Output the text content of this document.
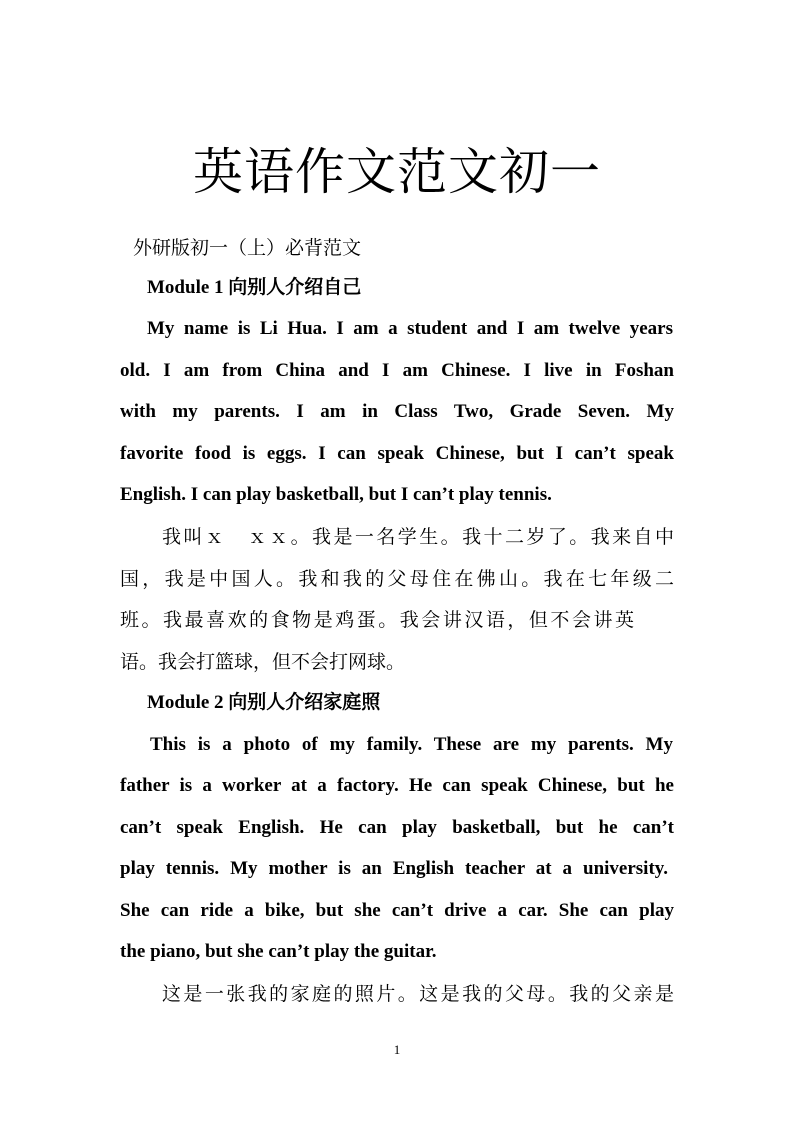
英语作文范文初一

外研版初一（上）必背范文

Module 1 向别人介绍自己

My name is Li Hua. I am a student and I am twelve years

old. I am from China and I am Chinese. I live in Foshan

with my parents. I am in Class Two, Grade Seven. My

favorite food is eggs. I can speak Chinese, but I can’t speak

English. I can play basketball, but I can’t play tennis.

我叫ｘ　ｘｘ。我是一名学生。我十二岁了。我来自中

国，我是中国人。我和我的父母住在佛山。我在七年级二

班。我最喜欢的食物是鸡蛋。我会讲汉语，但不会讲英

语。我会打篮球，但不会打网球。

Module 2 向别人介绍家庭照

This is a photo of my family. These are my parents. My

father is a worker at a factory. He can speak Chinese, but he

can’t speak English. He can play basketball, but he can’t

play tennis. My mother is an English teacher at a university.

She can ride a bike, but she can’t drive a car. She can play

the piano, but she can’t play the guitar.

这是一张我的家庭的照片。这是我的父母。我的父亲是

1
